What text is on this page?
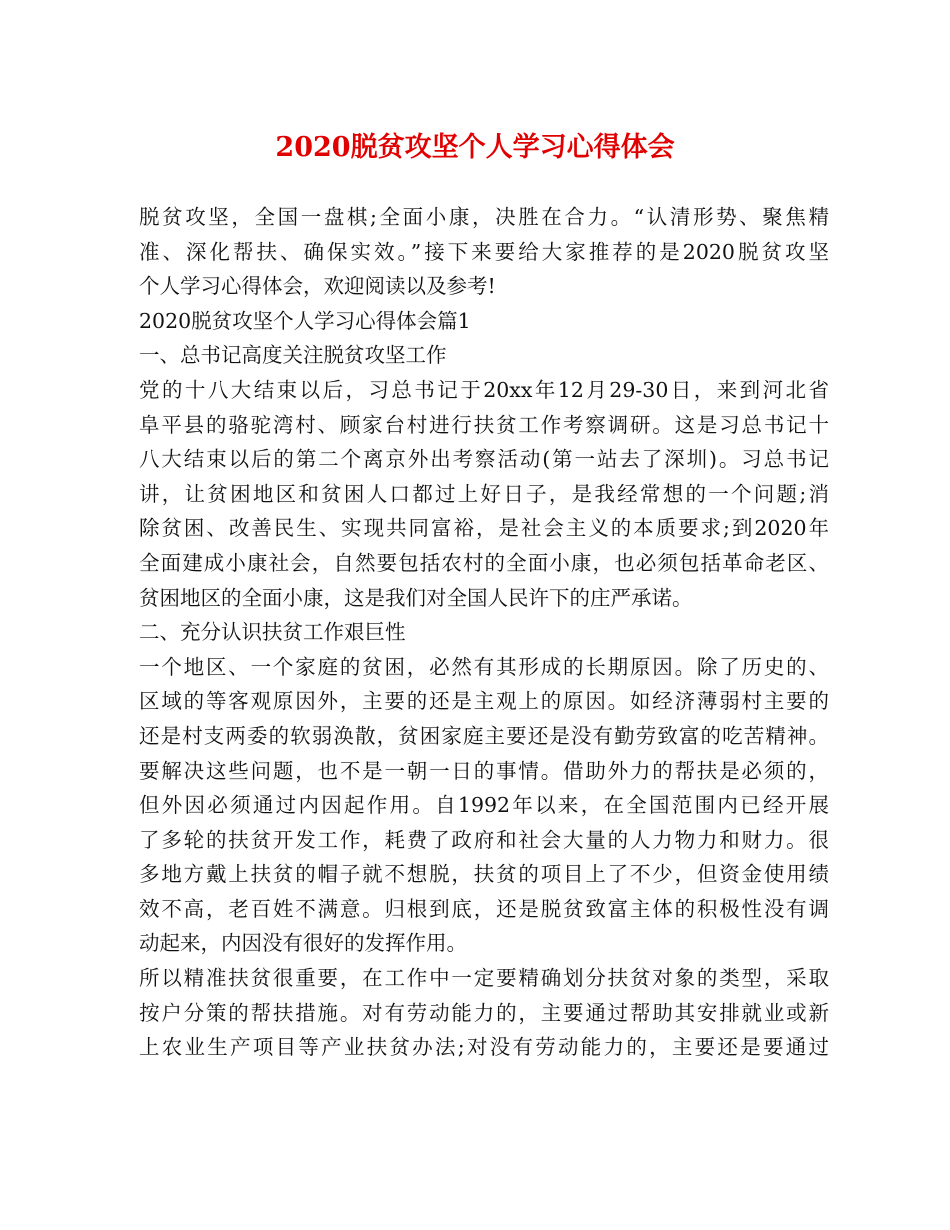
2020脱贫攻坚个人学习心得体会
脱贫攻坚，全国一盘棋;全面小康，决胜在合力。“认清形势、聚焦精
准、深化帮扶、确保实效。”接下来要给大家推荐的是2020脱贫攻坚
个人学习心得体会，欢迎阅读以及参考!
2020脱贫攻坚个人学习心得体会篇1
一、总书记高度关注脱贫攻坚工作
党的十八大结束以后，习总书记于20xx年12月29-30日，来到河北省
阜平县的骆驼湾村、顾家台村进行扶贫工作考察调研。这是习总书记十
八大结束以后的第二个离京外出考察活动(第一站去了深圳)。习总书记
讲，让贫困地区和贫困人口都过上好日子，是我经常想的一个问题;消
除贫困、改善民生、实现共同富裕，是社会主义的本质要求;到2020年
全面建成小康社会，自然要包括农村的全面小康，也必须包括革命老区、
贫困地区的全面小康，这是我们对全国人民许下的庄严承诺。
二、充分认识扶贫工作艰巨性
一个地区、一个家庭的贫困，必然有其形成的长期原因。除了历史的、
区域的等客观原因外，主要的还是主观上的原因。如经济薄弱村主要的
还是村支两委的软弱涣散，贫困家庭主要还是没有勤劳致富的吃苦精神。
要解决这些问题，也不是一朝一日的事情。借助外力的帮扶是必须的，
但外因必须通过内因起作用。自1992年以来，在全国范围内已经开展
了多轮的扶贫开发工作，耗费了政府和社会大量的人力物力和财力。很
多地方戴上扶贫的帽子就不想脱，扶贫的项目上了不少，但资金使用绩
效不高，老百姓不满意。归根到底，还是脱贫致富主体的积极性没有调
动起来，内因没有很好的发挥作用。
所以精准扶贫很重要，在工作中一定要精确划分扶贫对象的类型，采取
按户分策的帮扶措施。对有劳动能力的，主要通过帮助其安排就业或新
上农业生产项目等产业扶贫办法;对没有劳动能力的，主要还是要通过
